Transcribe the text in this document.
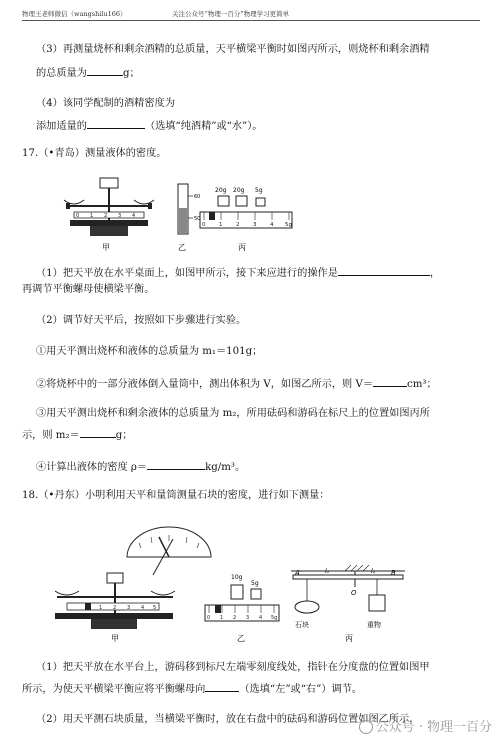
物理王老师微信（wangshilu166）	关注公众号“物理一百分”物理学习更简单
（3）再测量烧杯和剩余酒精的总质量，天平横梁平衡时如图丙所示，则烧杯和剩余酒精
的总质量为	g；
（4）该同学配制的酒精密度为
添加适量的	（选填“纯酒精”或“水”）。
17.（•青岛）测量液体的密度。
0 1 2 3 4
甲
60
50
乙
20g 20g 5g
0 1 2 3 4 5g
丙
（1）把天平放在水平桌面上，如图甲所示，接下来应进行的操作是	，
再调节平衡螺母使横梁平衡。
（2）调节好天平后，按照如下步骤进行实验。
①用天平测出烧杯和液体的总质量为 m₁＝101g；
②将烧杯中的一部分液体倒入量筒中，测出体积为 V，如图乙所示，则 V＝	cm³；
③用天平测出烧杯和剩余液体的总质量为 m₂，所用砝码和游码在标尺上的位置如图丙所
示，则 m₂＝	g；
④计算出液体的密度 ρ＝	kg/m³。
18.（•丹东）小明利用天平和量筒测量石块的密度，进行如下测量：
1 2 3 4 5
甲
10g
5g
0 1 2 3 4 5g
乙
A	B
O
l₁	l₂
石块	重物
丙
（1）把天平放在水平台上，游码移到标尺左端零刻度线处，指针在分度盘的位置如图甲
所示，为使天平横梁平衡应将平衡螺母向	（选填“左”或“右”）调节。
（2）用天平测石块质量，当横梁平衡时，放在右盘中的砝码和游码位置如图乙所示，
公众号 · 物理一百分
